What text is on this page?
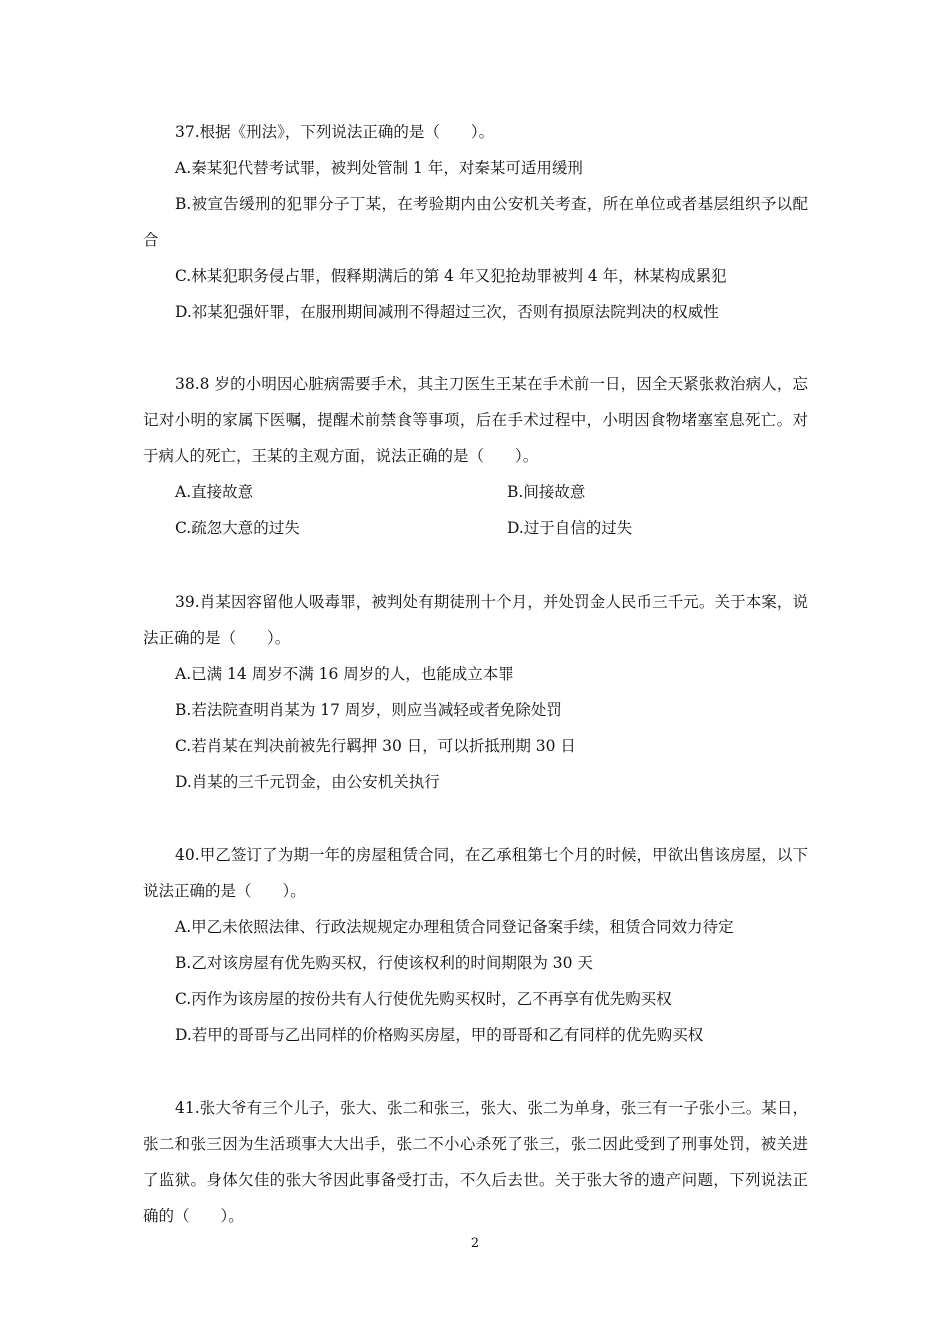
37.根据《刑法》，下列说法正确的是（　　）。

A.秦某犯代替考试罪，被判处管制 1 年，对秦某可适用缓刑

B.被宣告缓刑的犯罪分子丁某，在考验期内由公安机关考查，所在单位或者基层组织予以配合

C.林某犯职务侵占罪，假释期满后的第 4 年又犯抢劫罪被判 4 年，林某构成累犯

D.祁某犯强奸罪，在服刑期间减刑不得超过三次，否则有损原法院判决的权威性

38.8 岁的小明因心脏病需要手术，其主刀医生王某在手术前一日，因全天紧张救治病人，忘记对小明的家属下医嘱，提醒术前禁食等事项，后在手术过程中，小明因食物堵塞室息死亡。对于病人的死亡，王某的主观方面，说法正确的是（　　）。

A.直接故意	B.间接故意

C.疏忽大意的过失	D.过于自信的过失

39.肖某因容留他人吸毒罪，被判处有期徒刑十个月，并处罚金人民币三千元。关于本案，说法正确的是（　　）。

A.已满 14 周岁不满 16 周岁的人，也能成立本罪

B.若法院查明肖某为 17 周岁，则应当减轻或者免除处罚

C.若肖某在判决前被先行羁押 30 日，可以折抵刑期 30 日

D.肖某的三千元罚金，由公安机关执行

40.甲乙签订了为期一年的房屋租赁合同，在乙承租第七个月的时候，甲欲出售该房屋，以下说法正确的是（　　）。

A.甲乙未依照法律、行政法规规定办理租赁合同登记备案手续，租赁合同效力待定

B.乙对该房屋有优先购买权，行使该权利的时间期限为 30 天

C.丙作为该房屋的按份共有人行使优先购买权时，乙不再享有优先购买权

D.若甲的哥哥与乙出同样的价格购买房屋，甲的哥哥和乙有同样的优先购买权

41.张大爷有三个儿子，张大、张二和张三，张大、张二为单身，张三有一子张小三。某日，张二和张三因为生活琐事大大出手，张二不小心杀死了张三，张二因此受到了刑事处罚，被关进了监狱。身体欠佳的张大爷因此事备受打击，不久后去世。关于张大爷的遗产问题，下列说法正确的（　　）。

2
